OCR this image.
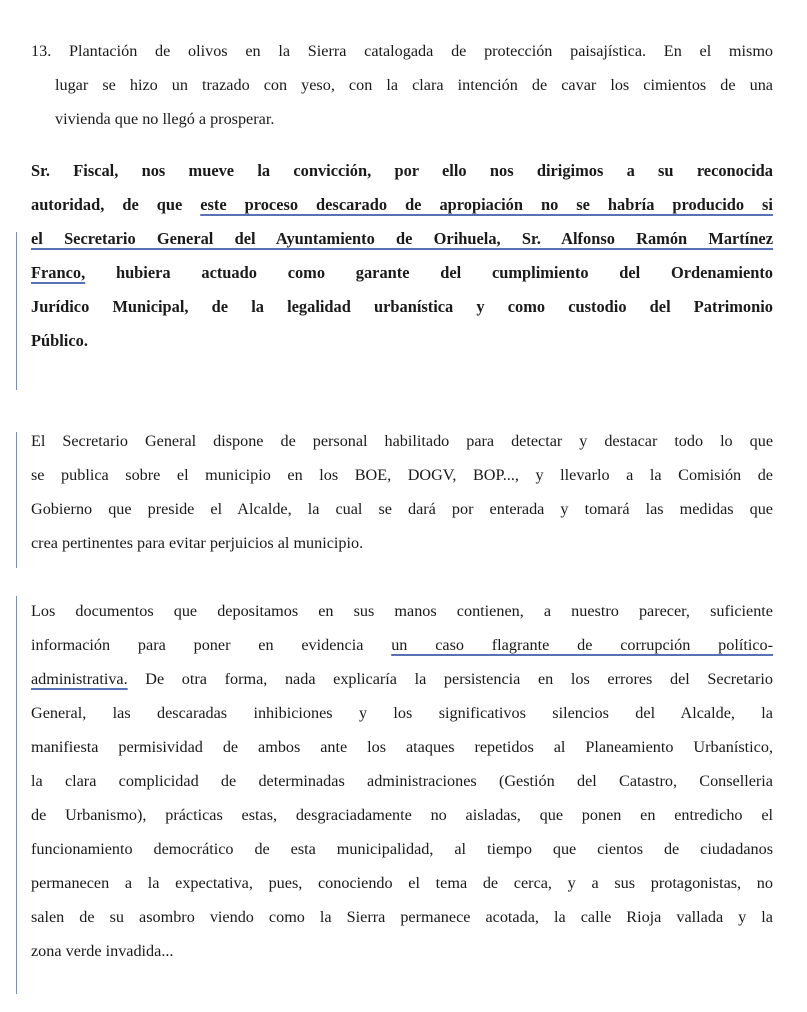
13. Plantación de olivos en la Sierra catalogada de protección paisajística. En el mismo
lugar se hizo un trazado con yeso, con la clara intención de cavar los cimientos de una
vivienda que no llegó a prosperar.
Sr. Fiscal, nos mueve la convicción, por ello nos dirigimos a su reconocida
autoridad, de que este proceso descarado de apropiación no se habría producido si
el Secretario General del Ayuntamiento de Orihuela, Sr. Alfonso Ramón Martínez
Franco, hubiera actuado como garante del cumplimiento del Ordenamiento
Jurídico Municipal, de la legalidad urbanística y como custodio del Patrimonio
Público.
El Secretario General dispone de personal habilitado para detectar y destacar todo lo que
se publica sobre el municipio en los BOE, DOGV, BOP..., y llevarlo a la Comisión de
Gobierno que preside el Alcalde, la cual se dará por enterada y tomará las medidas que
crea pertinentes para evitar perjuicios al municipio.
Los documentos que depositamos en sus manos contienen, a nuestro parecer, suficiente
información para poner en evidencia un caso flagrante de corrupción político-
administrativa. De otra forma, nada explicaría la persistencia en los errores del Secretario
General, las descaradas inhibiciones y los significativos silencios del Alcalde, la
manifiesta permisividad de ambos ante los ataques repetidos al Planeamiento Urbanístico,
la clara complicidad de determinadas administraciones (Gestión del Catastro, Conselleria
de Urbanismo), prácticas estas, desgraciadamente no aisladas, que ponen en entredicho el
funcionamiento democrático de esta municipalidad, al tiempo que cientos de ciudadanos
permanecen a la expectativa, pues, conociendo el tema de cerca, y a sus protagonistas, no
salen de su asombro viendo como la Sierra permanece acotada, la calle Rioja vallada y la
zona verde invadida...
